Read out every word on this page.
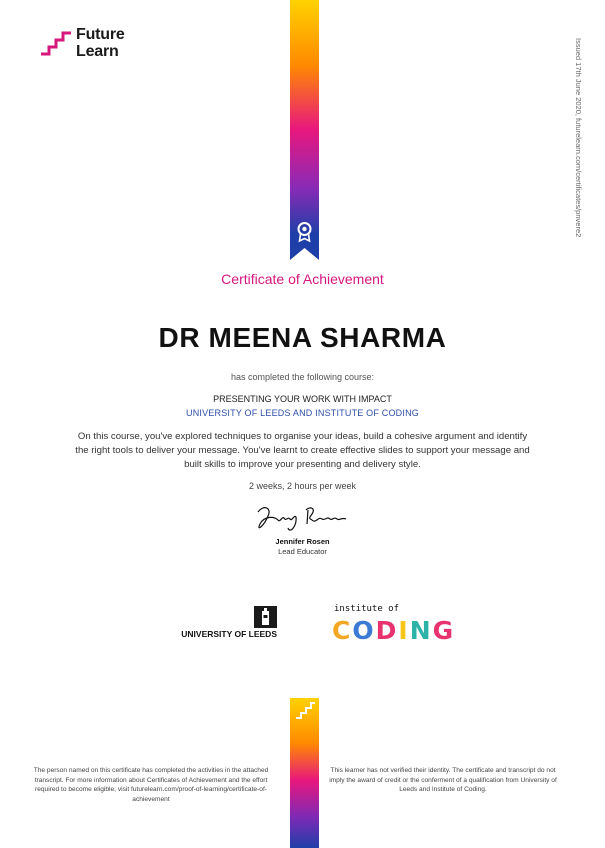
Future
Learn	Issued 17th June 2020, futurelearn.com/certificates/pnvere2
Certificate of Achievement
DR MEENA SHARMA
has completed the following course:
PRESENTING YOUR WORK WITH IMPACT
UNIVERSITY OF LEEDS AND INSTITUTE OF CODING
On this course, you've explored techniques to organise your ideas, build a cohesive argument and identify the right tools to deliver your message. You've learnt to create effective slides to support your message and built skills to improve your presenting and delivery style.
2 weeks, 2 hours per week
Jennifer Rosen
Lead Educator
UNIVERSITY OF LEEDS
institute of
CODING
The person named on this certificate has completed the activities in the attached transcript. For more information about Certificates of Achievement and the effort required to become eligible, visit futurelearn.com/proof-of-learning/certificate-of-achievement
This learner has not verified their identity. The certificate and transcript do not imply the award of credit or the conferment of a qualification from University of Leeds and Institute of Coding.
